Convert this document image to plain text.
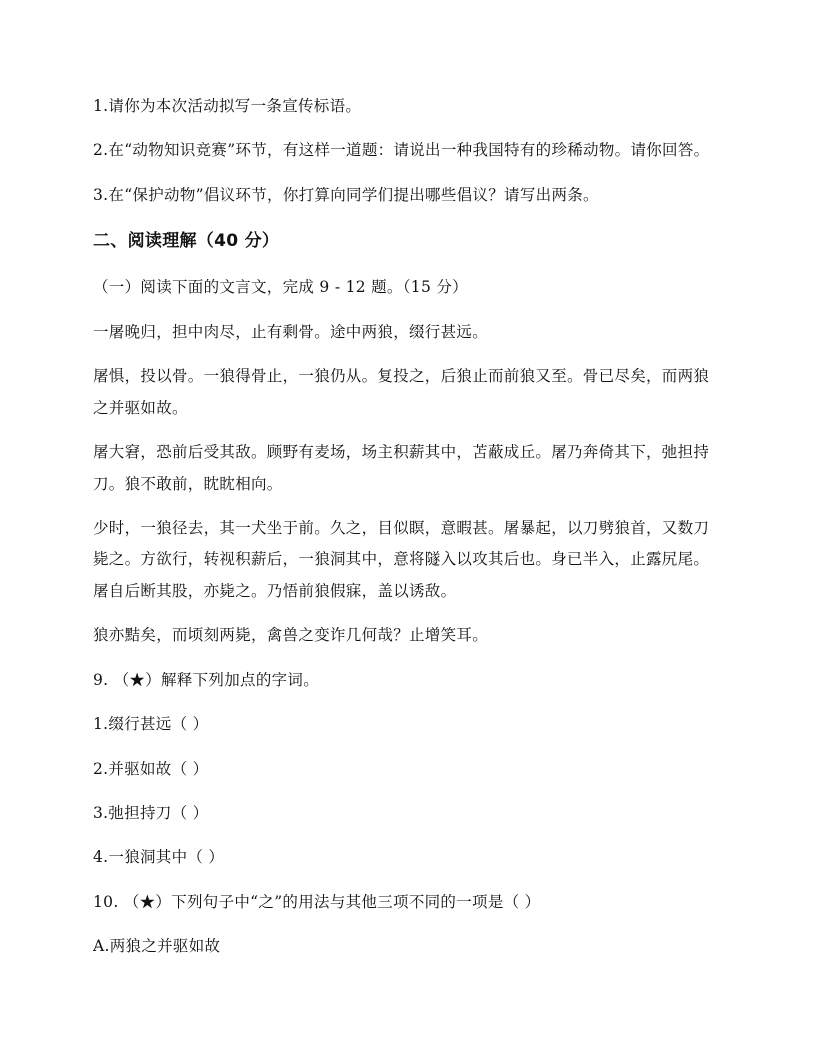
1.请你为本次活动拟写一条宣传标语。
2.在“动物知识竞赛”环节，有这样一道题：请说出一种我国特有的珍稀动物。请你回答。
3.在“保护动物”倡议环节，你打算向同学们提出哪些倡议？请写出两条。
二、阅读理解（40 分）
（一）阅读下面的文言文，完成 9 - 12 题。（15 分）
一屠晚归，担中肉尽，止有剩骨。途中两狼，缀行甚远。
屠惧，投以骨。一狼得骨止，一狼仍从。复投之，后狼止而前狼又至。骨已尽矣，而两狼
之并驱如故。
屠大窘，恐前后受其敌。顾野有麦场，场主积薪其中，苫蔽成丘。屠乃奔倚其下，弛担持
刀。狼不敢前，眈眈相向。
少时，一狼径去，其一犬坐于前。久之，目似瞑，意暇甚。屠暴起，以刀劈狼首，又数刀
毙之。方欲行，转视积薪后，一狼洞其中，意将隧入以攻其后也。身已半入，止露尻尾。
屠自后断其股，亦毙之。乃悟前狼假寐，盖以诱敌。
狼亦黠矣，而顷刻两毙，禽兽之变诈几何哉？止增笑耳。
9. （★）解释下列加点的字词。
1.缀行甚远（ ）
2.并驱如故（ ）
3.弛担持刀（ ）
4.一狼洞其中（ ）
10. （★）下列句子中“之”的用法与其他三项不同的一项是（ ）
A.两狼之并驱如故
